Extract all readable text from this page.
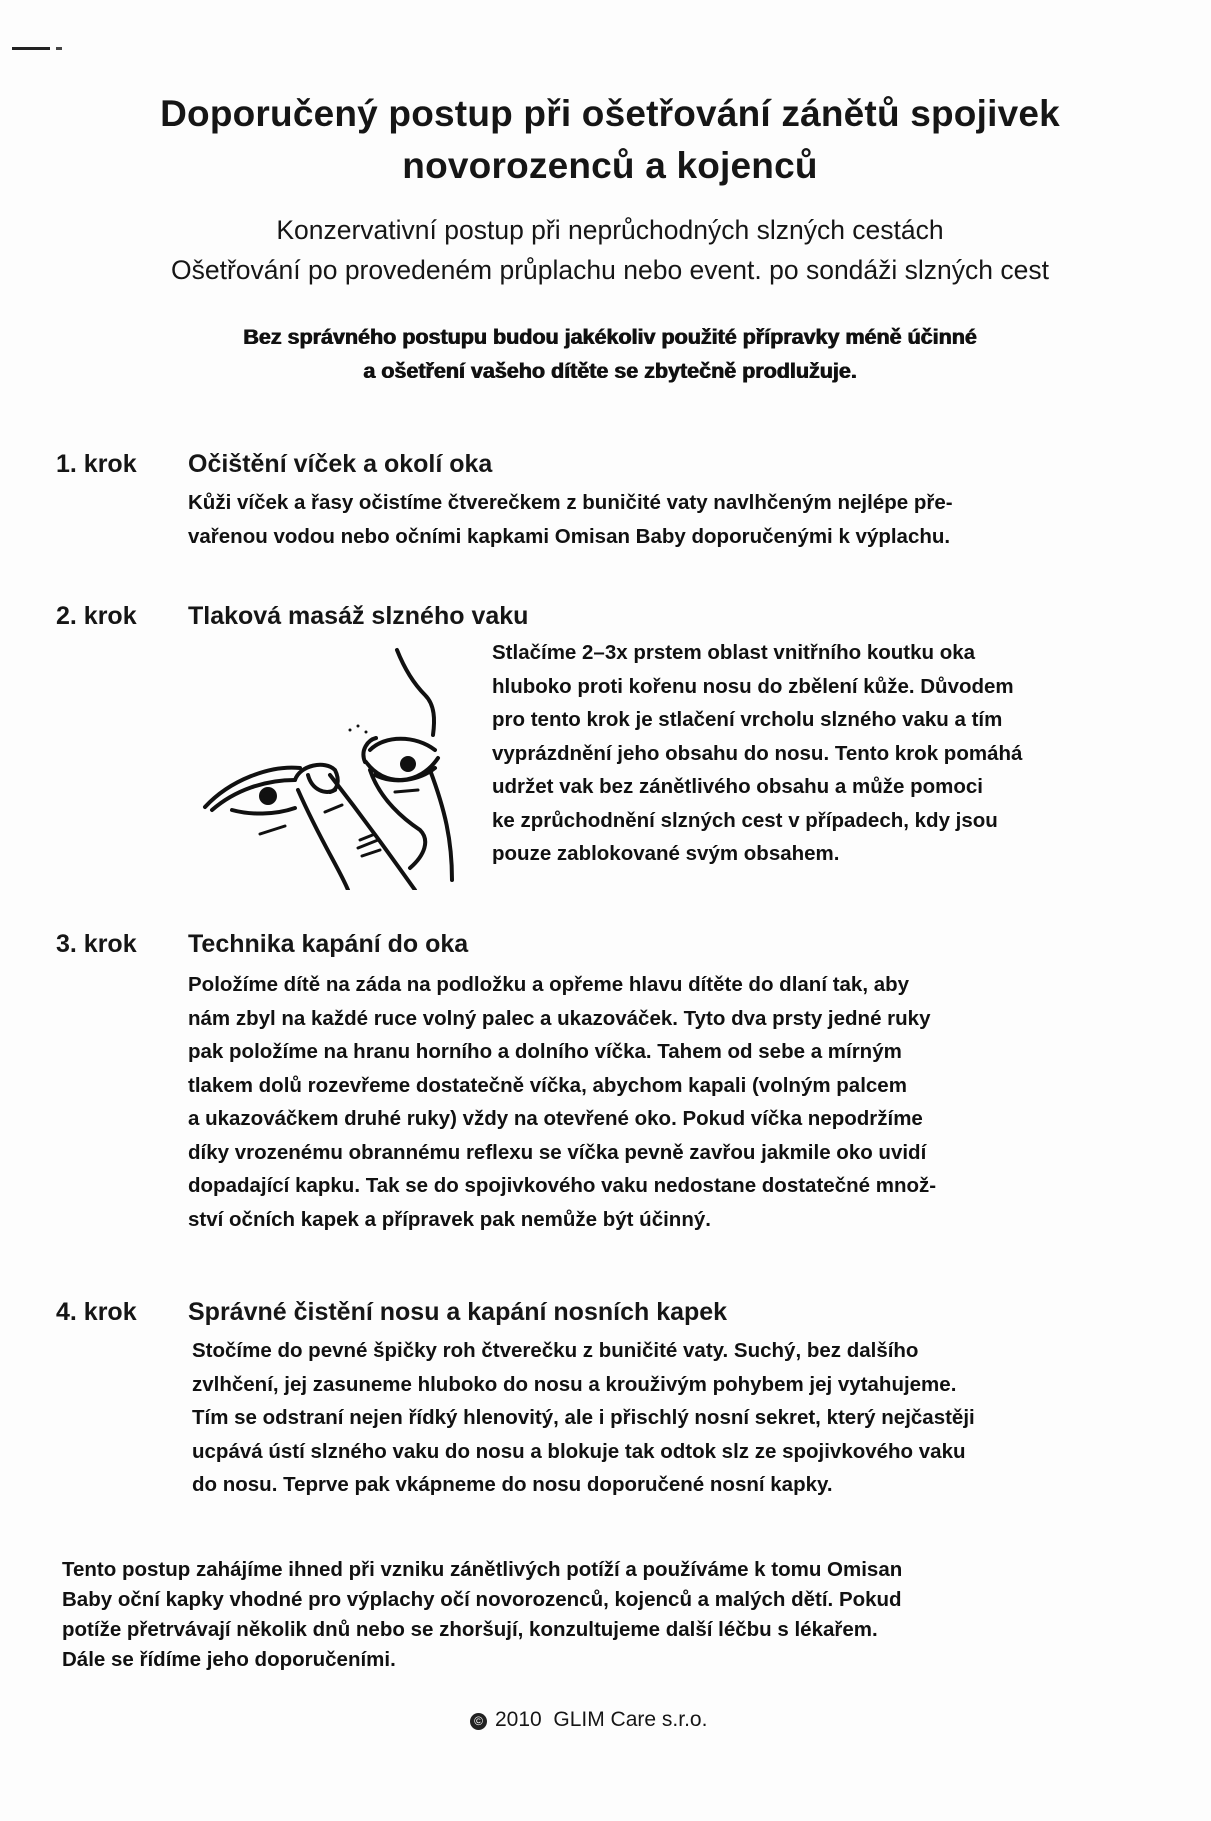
Doporučený postup při ošetřování zánětů spojivek
novorozenců a kojenců
Konzervativní postup při neprůchodných slzných cestách
Ošetřování po provedeném průplachu nebo event. po sondáži slzných cest
Bez správného postupu budou jakékoliv použité přípravky méně účinné
a ošetření vašeho dítěte se zbytečně prodlužuje.
1. krok Očištění víček a okolí oka
Kůži víček a řasy očistíme čtverečkem z buničité vaty navlhčeným nejlépe pře-
vařenou vodou nebo očními kapkami Omisan Baby doporučenými k výplachu.
2. krok Tlaková masáž slzného vaku
Stlačíme 2–3x prstem oblast vnitřního koutku oka
hluboko proti kořenu nosu do zbělení kůže. Důvodem
pro tento krok je stlačení vrcholu slzného vaku a tím
vyprázdnění jeho obsahu do nosu. Tento krok pomáhá
udržet vak bez zánětlivého obsahu a může pomoci
ke zprůchodnění slzných cest v případech, kdy jsou
pouze zablokované svým obsahem.
3. krok Technika kapání do oka
Položíme dítě na záda na podložku a opřeme hlavu dítěte do dlaní tak, aby
nám zbyl na každé ruce volný palec a ukazováček. Tyto dva prsty jedné ruky
pak položíme na hranu horního a dolního víčka. Tahem od sebe a mírným
tlakem dolů rozevřeme dostatečně víčka, abychom kapali (volným palcem
a ukazováčkem druhé ruky) vždy na otevřené oko. Pokud víčka nepodržíme
díky vrozenému obrannému reflexu se víčka pevně zavřou jakmile oko uvidí
dopadající kapku. Tak se do spojivkového vaku nedostane dostatečné množ-
ství očních kapek a přípravek pak nemůže být účinný.
4. krok Správné čistění nosu a kapání nosních kapek
Stočíme do pevné špičky roh čtverečku z buničité vaty. Suchý, bez dalšího
zvlhčení, jej zasuneme hluboko do nosu a krouživým pohybem jej vytahujeme.
Tím se odstraní nejen řídký hlenovitý, ale i přischlý nosní sekret, který nejčastěji
ucpává ústí slzného vaku do nosu a blokuje tak odtok slz ze spojivkového vaku
do nosu. Teprve pak vkápneme do nosu doporučené nosní kapky.
Tento postup zahájíme ihned při vzniku zánětlivých potíží a používáme k tomu Omisan
Baby oční kapky vhodné pro výplachy očí novorozenců, kojenců a malých dětí. Pokud
potíže přetrvávají několik dnů nebo se zhoršují, konzultujeme další léčbu s lékařem.
Dále se řídíme jeho doporučeními.
© 2010  GLIM Care s.r.o.
